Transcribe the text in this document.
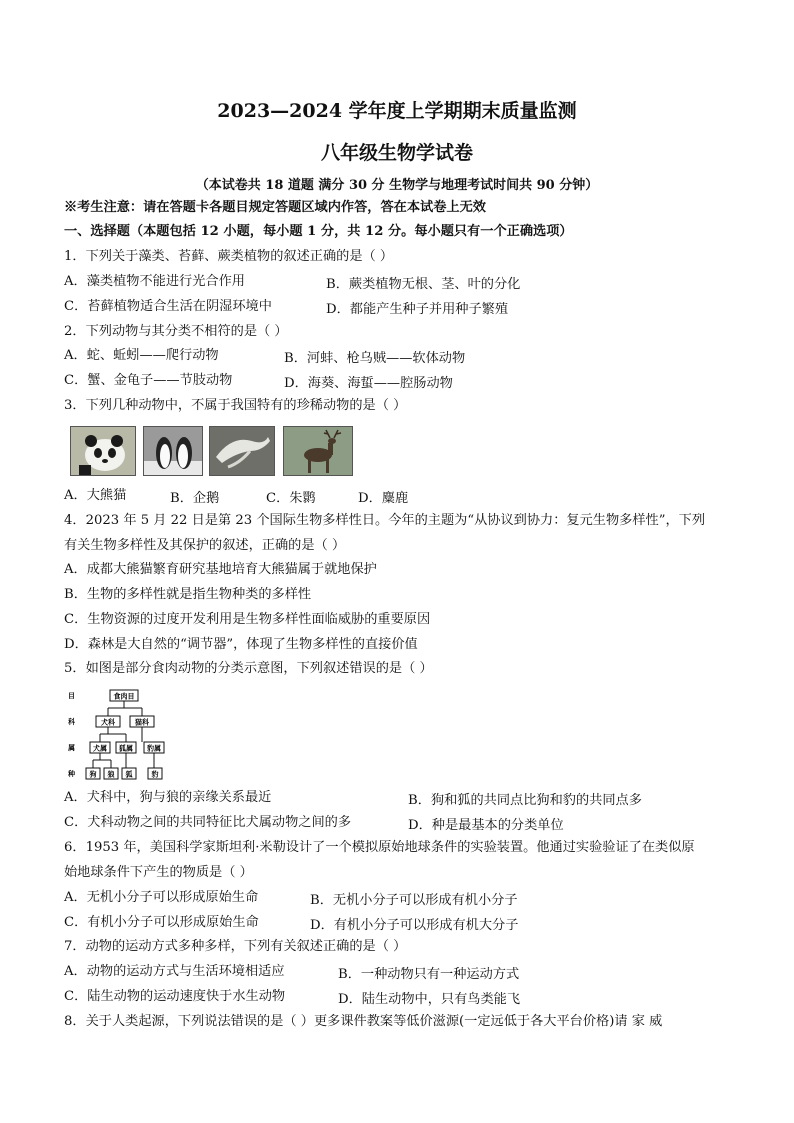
2023—2024 学年度上学期期末质量监测
八年级生物学试卷
（本试卷共 18 道题 满分 30 分 生物学与地理考试时间共 90 分钟）
※考生注意：请在答题卡各题目规定答题区域内作答，答在本试卷上无效
一、选择题（本题包括 12 小题，每小题 1 分，共 12 分。每小题只有一个正确选项）
1．下列关于藻类、苔藓、蕨类植物的叙述正确的是（ ）
A．藻类植物不能进行光合作用	B．蕨类植物无根、茎、叶的分化
C．苔藓植物适合生活在阴湿环境中	D．都能产生种子并用种子繁殖
2．下列动物与其分类不相符的是（ ）
A．蛇、蚯蚓——爬行动物	B．河蚌、枪乌贼——软体动物
C．蟹、金龟子——节肢动物	D．海葵、海蜇——腔肠动物
3．下列几种动物中，不属于我国特有的珍稀动物的是（ ）
A．大熊猫	B．企鹅	C．朱鹮	D．麋鹿
4．2023 年 5 月 22 日是第 23 个国际生物多样性日。今年的主题为“从协议到协力：复元生物多样性”，下列
有关生物多样性及其保护的叙述，正确的是（ ）
A．成都大熊猫繁育研究基地培育大熊猫属于就地保护
B．生物的多样性就是指生物种类的多样性
C．生物资源的过度开发利用是生物多样性面临威胁的重要原因
D．森林是大自然的“调节器”，体现了生物多样性的直接价值
5．如图是部分食肉动物的分类示意图，下列叙述错误的是（ ）
目
科
属
种
食肉目
犬科	猫科
犬属 狐属 豹属
狗 狼 狐	豹
A．犬科中，狗与狼的亲缘关系最近	B．狗和狐的共同点比狗和豹的共同点多
C．犬科动物之间的共同特征比犬属动物之间的多	D．种是最基本的分类单位
6．1953 年，美国科学家斯坦利·米勒设计了一个模拟原始地球条件的实验装置。他通过实验验证了在类似原
始地球条件下产生的物质是（ ）
A．无机小分子可以形成原始生命	B．无机小分子可以形成有机小分子
C．有机小分子可以形成原始生命	D．有机小分子可以形成有机大分子
7．动物的运动方式多种多样，下列有关叙述正确的是（ ）
A．动物的运动方式与生活环境相适应	B．一种动物只有一种运动方式
C．陆生动物的运动速度快于水生动物	D．陆生动物中，只有鸟类能飞
8．关于人类起源，下列说法错误的是（ ）更多课件教案等低价滋源(一定远低于各大平台价格)请 家 威
